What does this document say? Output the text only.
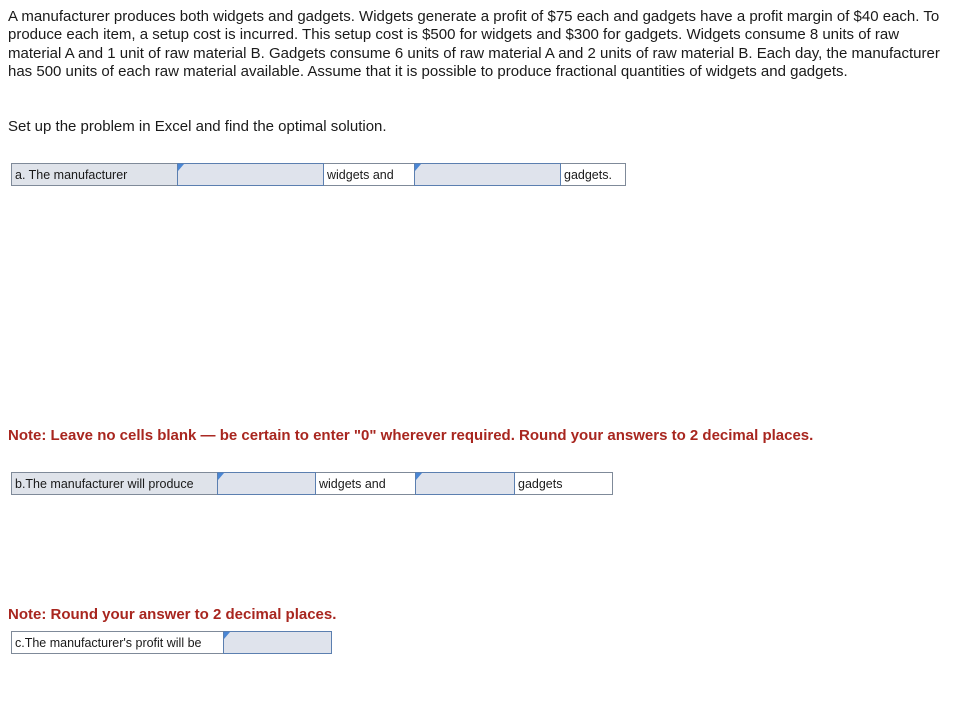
A manufacturer produces both widgets and gadgets. Widgets generate a profit of $75 each and gadgets have a profit margin of $40 each. To produce each item, a setup cost is incurred. This setup cost is $500 for widgets and $300 for gadgets. Widgets consume 8 units of raw material A and 1 unit of raw material B. Gadgets consume 6 units of raw material A and 2 units of raw material B. Each day, the manufacturer has 500 units of each raw material available. Assume that it is possible to produce fractional quantities of widgets and gadgets.

Set up the problem in Excel and find the optimal solution.

a. The manufacturer	widgets and	gadgets.

Note: Leave no cells blank — be certain to enter "0" wherever required. Round your answers to 2 decimal places.

b.The manufacturer will produce	widgets and	gadgets

Note: Round your answer to 2 decimal places.

c.The manufacturer's profit will be
